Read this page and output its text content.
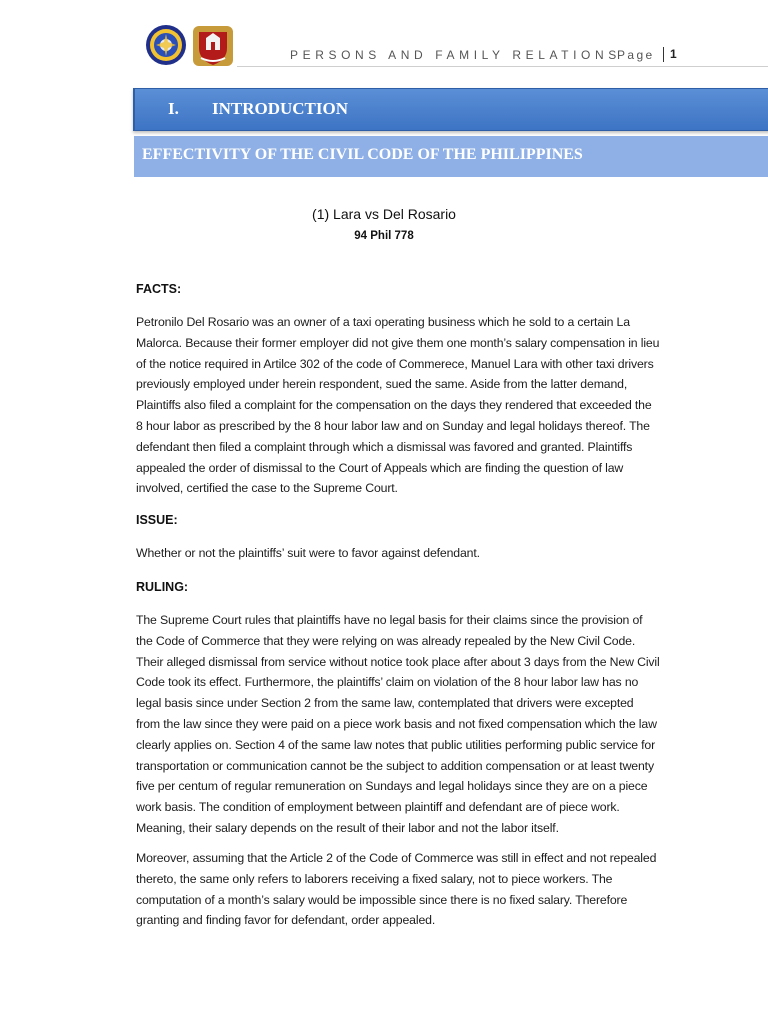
PERSONS AND FAMILY RELATIONS
Page 1
I. INTRODUCTION
EFFECTIVITY OF THE CIVIL CODE OF THE PHILIPPINES
(1) Lara vs Del Rosario
94 Phil 778
FACTS:
Petronilo Del Rosario was an owner of a taxi operating business which he sold to a certain La
Malorca. Because their former employer did not give them one month’s salary compensation in lieu
of the notice required in Artilce 302 of the code of Commerece, Manuel Lara with other taxi drivers
previously employed under herein respondent, sued the same. Aside from the latter demand,
Plaintiffs also filed a complaint for the compensation on the days they rendered that exceeded the
8 hour labor as prescribed by the 8 hour labor law and on Sunday and legal holidays thereof. The
defendant then filed a complaint through which a dismissal was favored and granted. Plaintiffs
appealed the order of dismissal to the Court of Appeals which are finding the question of law
involved, certified the case to the Supreme Court.
ISSUE:
Whether or not the plaintiffs’ suit were to favor against defendant.
RULING:
The Supreme Court rules that plaintiffs have no legal basis for their claims since the provision of
the Code of Commerce that they were relying on was already repealed by the New Civil Code.
Their alleged dismissal from service without notice took place after about 3 days from the New Civil
Code took its effect. Furthermore, the plaintiffs’ claim on violation of the 8 hour labor law has no
legal basis since under Section 2 from the same law, contemplated that drivers were excepted
from the law since they were paid on a piece work basis and not fixed compensation which the law
clearly applies on. Section 4 of the same law notes that public utilities performing public service for
transportation or communication cannot be the subject to addition compensation or at least twenty
five per centum of regular remuneration on Sundays and legal holidays since they are on a piece
work basis. The condition of employment between plaintiff and defendant are of piece work.
Meaning, their salary depends on the result of their labor and not the labor itself.
Moreover, assuming that the Article 2 of the Code of Commerce was still in effect and not repealed
thereto, the same only refers to laborers receiving a fixed salary, not to piece workers. The
computation of a month’s salary would be impossible since there is no fixed salary. Therefore
granting and finding favor for defendant, order appealed.
